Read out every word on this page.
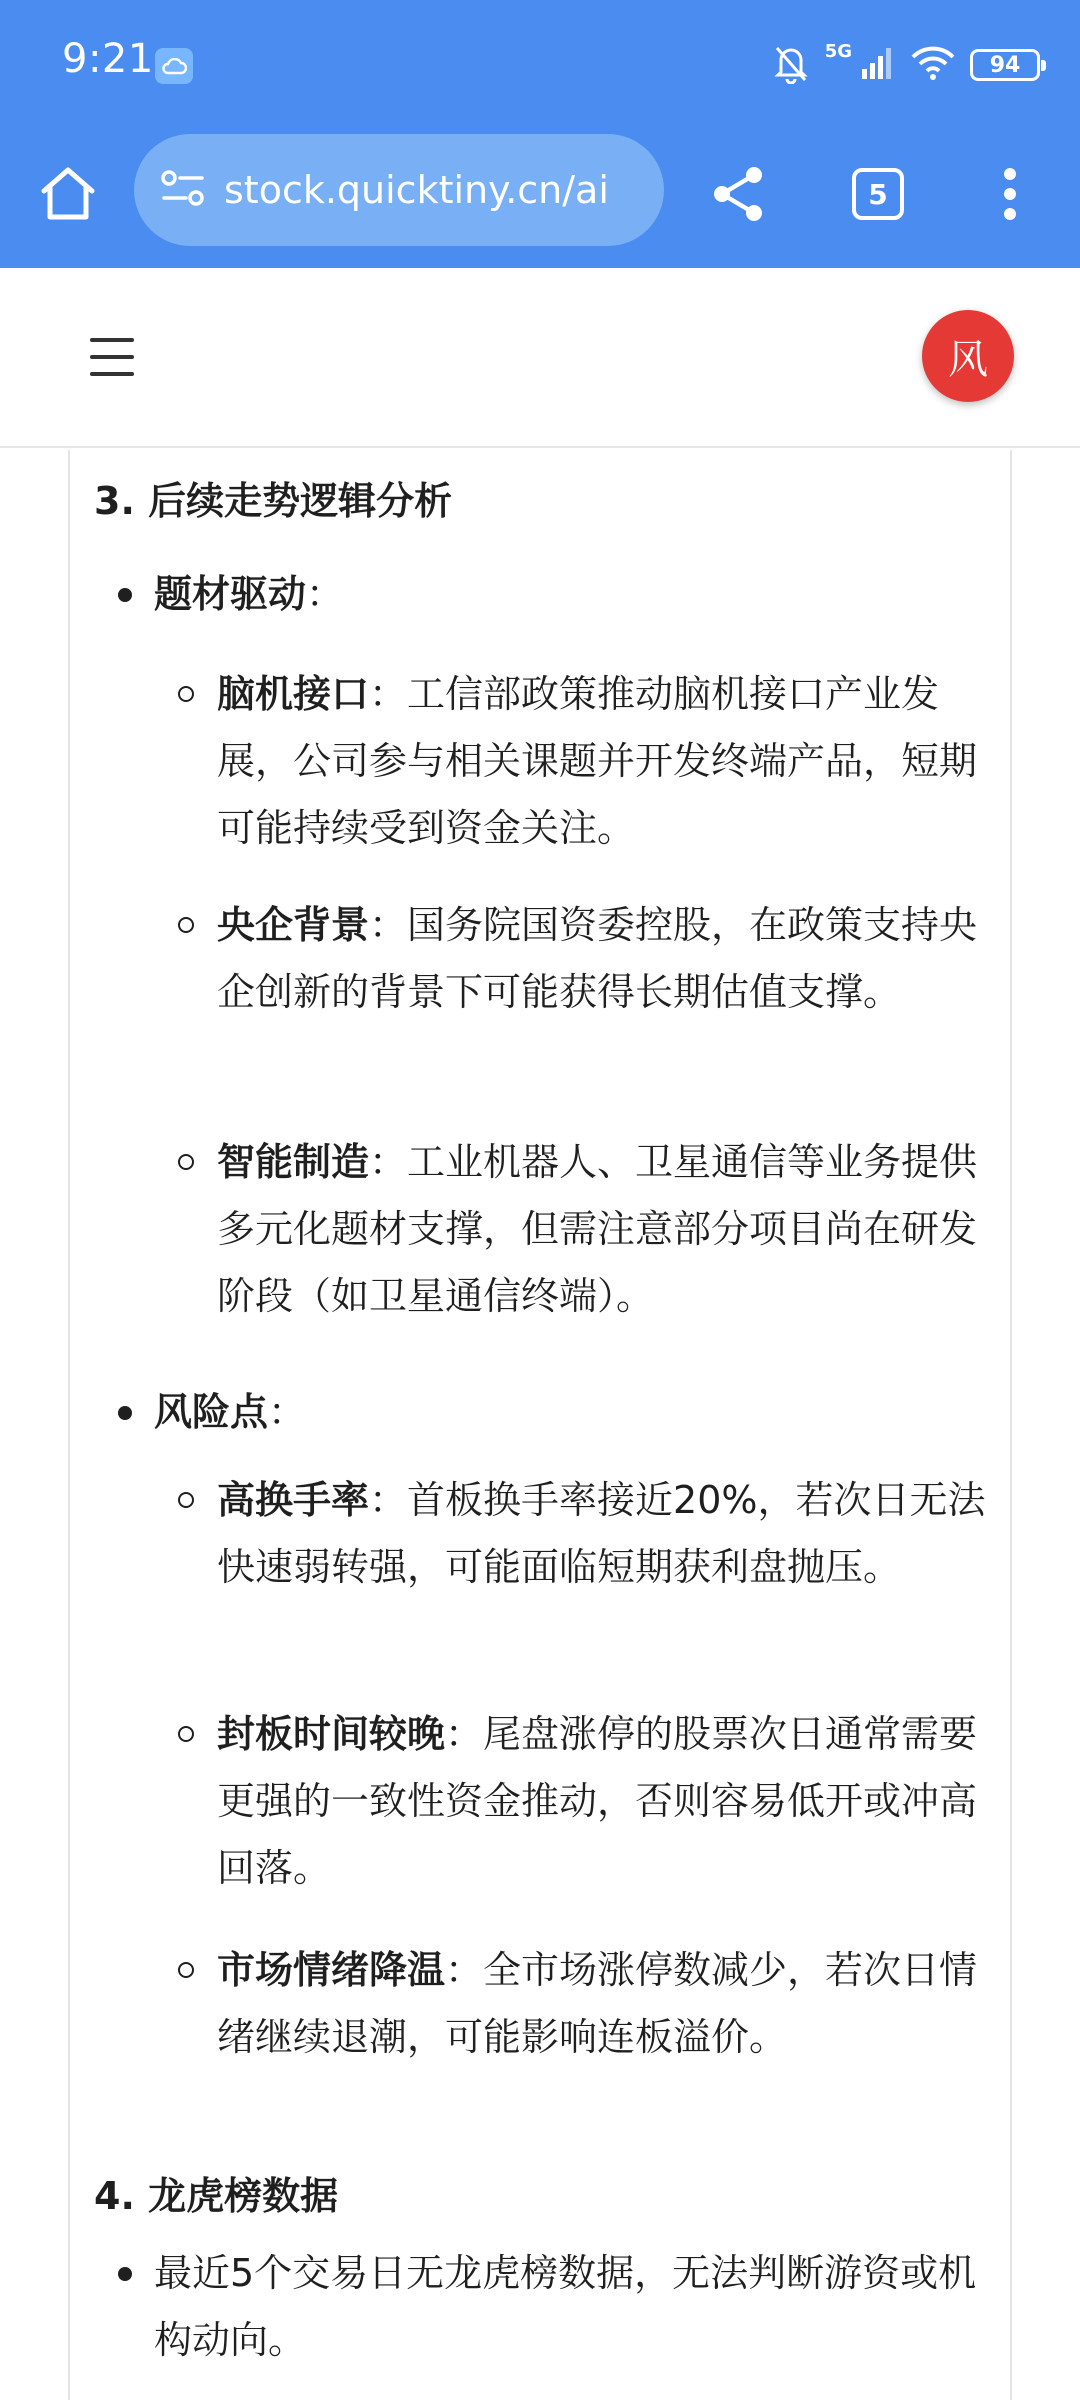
9:21	5G
94
stock.quicktiny.cn/ai	5
风
3. 后续走势逻辑分析
题材驱动：
脑机接口：工信部政策推动脑机接口产业发展，公司参与相关课题并开发终端产品，短期可能持续受到资金关注。
央企背景：国务院国资委控股，在政策支持央企创新的背景下可能获得长期估值支撑。
智能制造：工业机器人、卫星通信等业务提供多元化题材支撑，但需注意部分项目尚在研发阶段（如卫星通信终端）。
风险点：
高换手率：首板换手率接近20%，若次日无法快速弱转强，可能面临短期获利盘抛压。
封板时间较晚：尾盘涨停的股票次日通常需要更强的一致性资金推动，否则容易低开或冲高回落。
市场情绪降温：全市场涨停数减少，若次日情绪继续退潮，可能影响连板溢价。
4. 龙虎榜数据
最近5个交易日无龙虎榜数据，无法判断游资或机构动向。
